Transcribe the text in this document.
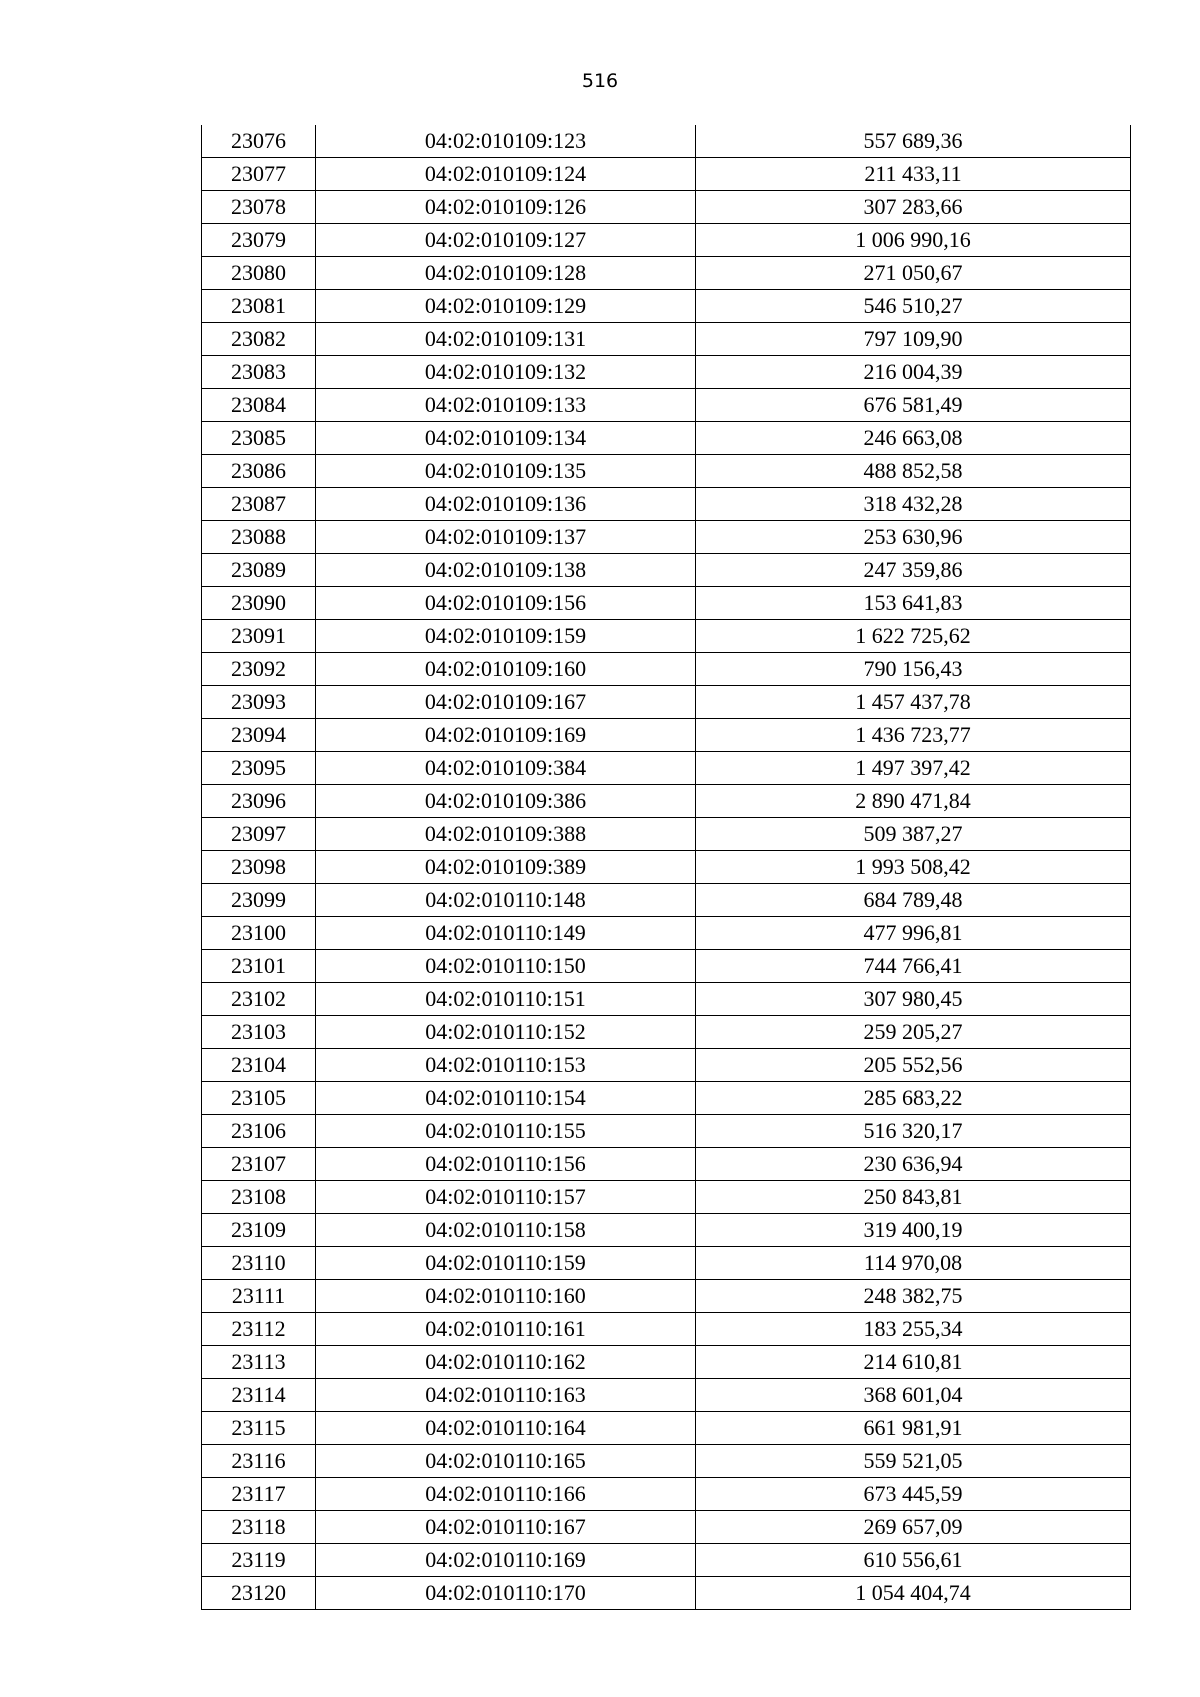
516
23076	04:02:010109:123	557 689,36
23077	04:02:010109:124	211 433,11
23078	04:02:010109:126	307 283,66
23079	04:02:010109:127	1 006 990,16
23080	04:02:010109:128	271 050,67
23081	04:02:010109:129	546 510,27
23082	04:02:010109:131	797 109,90
23083	04:02:010109:132	216 004,39
23084	04:02:010109:133	676 581,49
23085	04:02:010109:134	246 663,08
23086	04:02:010109:135	488 852,58
23087	04:02:010109:136	318 432,28
23088	04:02:010109:137	253 630,96
23089	04:02:010109:138	247 359,86
23090	04:02:010109:156	153 641,83
23091	04:02:010109:159	1 622 725,62
23092	04:02:010109:160	790 156,43
23093	04:02:010109:167	1 457 437,78
23094	04:02:010109:169	1 436 723,77
23095	04:02:010109:384	1 497 397,42
23096	04:02:010109:386	2 890 471,84
23097	04:02:010109:388	509 387,27
23098	04:02:010109:389	1 993 508,42
23099	04:02:010110:148	684 789,48
23100	04:02:010110:149	477 996,81
23101	04:02:010110:150	744 766,41
23102	04:02:010110:151	307 980,45
23103	04:02:010110:152	259 205,27
23104	04:02:010110:153	205 552,56
23105	04:02:010110:154	285 683,22
23106	04:02:010110:155	516 320,17
23107	04:02:010110:156	230 636,94
23108	04:02:010110:157	250 843,81
23109	04:02:010110:158	319 400,19
23110	04:02:010110:159	114 970,08
23111	04:02:010110:160	248 382,75
23112	04:02:010110:161	183 255,34
23113	04:02:010110:162	214 610,81
23114	04:02:010110:163	368 601,04
23115	04:02:010110:164	661 981,91
23116	04:02:010110:165	559 521,05
23117	04:02:010110:166	673 445,59
23118	04:02:010110:167	269 657,09
23119	04:02:010110:169	610 556,61
23120	04:02:010110:170	1 054 404,74
